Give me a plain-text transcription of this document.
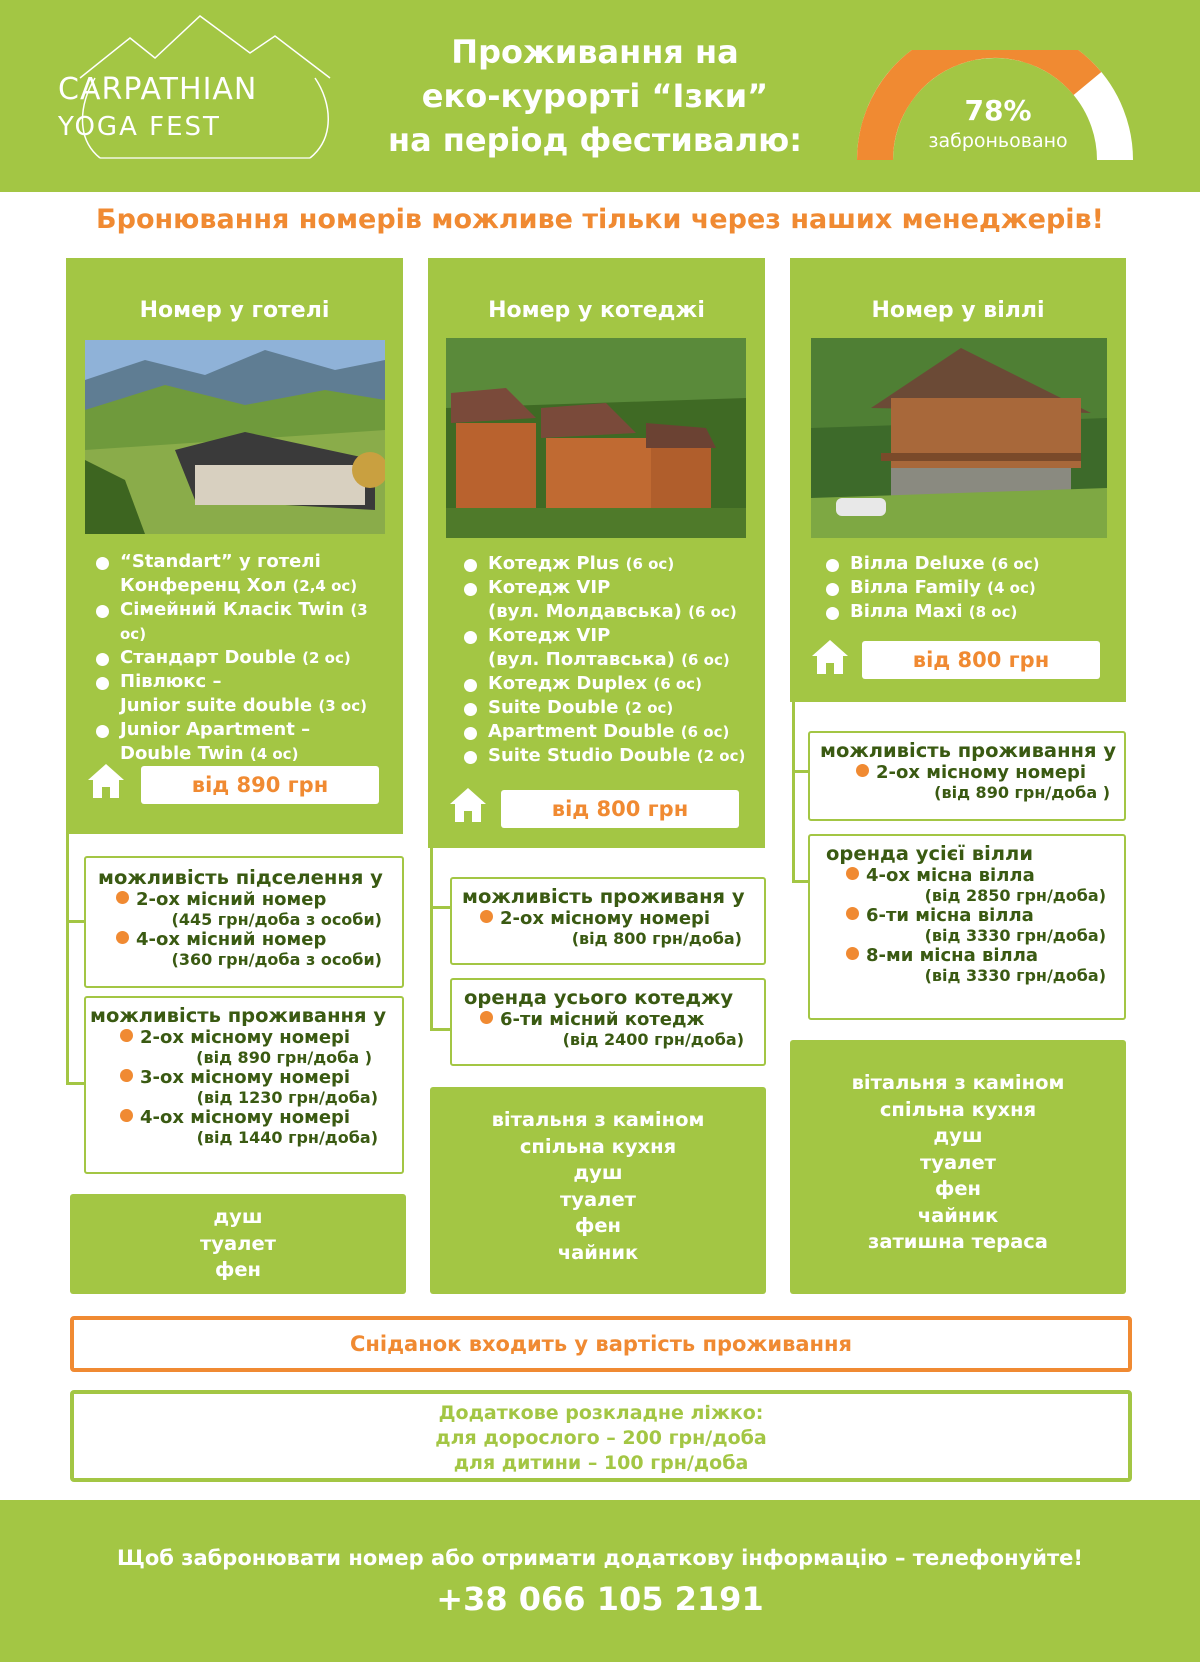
CARPATHIAN
YOGA FEST
Проживання на
еко-курорті “Ізки”
на період фестивалю:
78%
заброньовано
Бронювання номерів можливе тільки через наших менеджерів!
Номер у готелі
“Standart” у готелі
Конференц Хол (2,4 ос)
Сімейний Класік Twin (3 ос)
Стандарт Double (2 ос)
Півлюкс –
Junior suite double (3 ос)
Junior Apartment –
Double Twin (4 ос)
від 890 грн
можливість підселення у
2-ох місний номер
(445 грн/доба з особи)
4-ох місний номер
(360 грн/доба з особи)
можливість проживання у
2-ох місному номері
(від 890 грн/доба )
3-ох місному номері
(від 1230 грн/доба)
4-ох місному номері
(від 1440 грн/доба)
душ
туалет
фен
Номер у котеджі
Котедж Plus (6 ос)
Котедж VIP
(вул. Молдавська) (6 ос)
Котедж VIP
(вул. Полтавська) (6 ос)
Котедж Duplex (6 ос)
Suite Double (2 ос)
Apartment Double (6 ос)
Suite Studio Double (2 ос)
від 800 грн
можливість проживаня у
2-ох місному номері
(від 800 грн/доба)
оренда усього котеджу
6-ти місний котедж
(від 2400 грн/доба)
вітальня з каміном
спільна кухня
душ
туалет
фен
чайник
Номер у віллі
Вілла Deluxe (6 ос)
Вілла Family (4 ос)
Вілла Maxi (8 ос)
від 800 грн
можливість проживання у
2-ох місному номері
(від 890 грн/доба )
оренда усієї вілли
4-ох місна вілла
(від 2850 грн/доба)
6-ти місна вілла
(від 3330 грн/доба)
8-ми місна вілла
(від 3330 грн/доба)
вітальня з каміном
спільна кухня
душ
туалет
фен
чайник
затишна тераса
Сніданок входить у вартість проживання
Додаткове розкладне ліжко:
для дорослого – 200 грн/доба
для дитини – 100 грн/доба
Щоб забронювати номер або отримати додаткову інформацію – телефонуйте!
+38 066 105 2191
